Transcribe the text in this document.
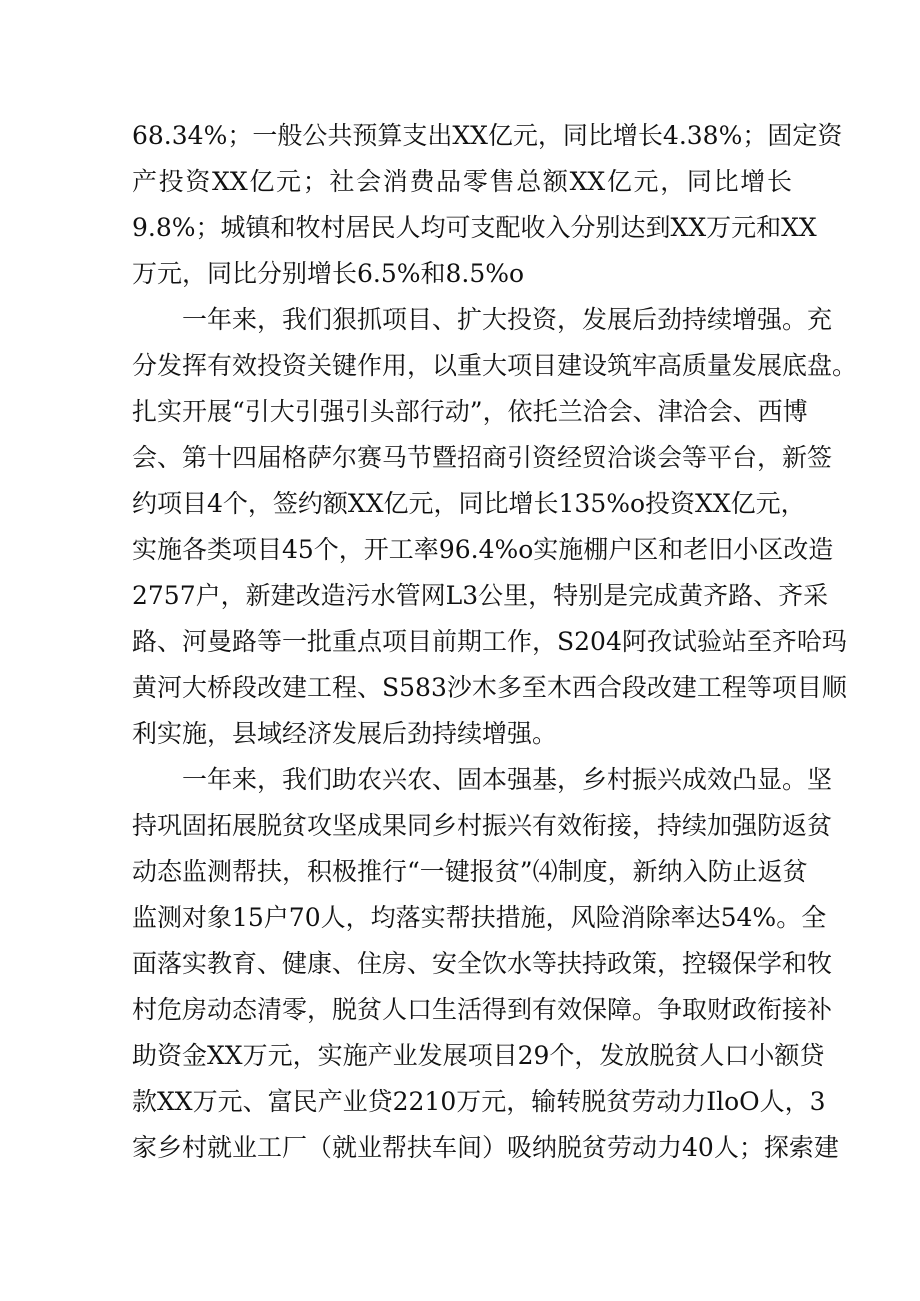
68.34%；一般公共预算支出XX亿元，同比增长4.38%；固定资
产投资XX亿元；社会消费品零售总额XX亿元，同比增长
9.8%；城镇和牧村居民人均可支配收入分别达到XX万元和XX
万元，同比分别增长6.5%和8.5%o
一年来，我们狠抓项目、扩大投资，发展后劲持续增强。充
分发挥有效投资关键作用，以重大项目建设筑牢高质量发展底盘。
扎实开展“引大引强引头部行动”，依托兰洽会、津洽会、西博
会、第十四届格萨尔赛马节暨招商引资经贸洽谈会等平台，新签
约项目4个，签约额XX亿元，同比增长135%o投资XX亿元，
实施各类项目45个，开工率96.4%o实施棚户区和老旧小区改造
2757户，新建改造污水管网L3公里，特别是完成黄齐路、齐采
路、河曼路等一批重点项目前期工作，S204阿孜试验站至齐哈玛
黄河大桥段改建工程、S583沙木多至木西合段改建工程等项目顺
利实施，县域经济发展后劲持续增强。
一年来，我们助农兴农、固本强基，乡村振兴成效凸显。坚
持巩固拓展脱贫攻坚成果同乡村振兴有效衔接，持续加强防返贫
动态监测帮扶，积极推行“一键报贫”⑷制度，新纳入防止返贫
监测对象15户70人，均落实帮扶措施，风险消除率达54%。全
面落实教育、健康、住房、安全饮水等扶持政策，控辍保学和牧
村危房动态清零，脱贫人口生活得到有效保障。争取财政衔接补
助资金XX万元，实施产业发展项目29个，发放脱贫人口小额贷
款XX万元、富民产业贷2210万元，输转脱贫劳动力IloO人，3
家乡村就业工厂（就业帮扶车间）吸纳脱贫劳动力40人；探索建
